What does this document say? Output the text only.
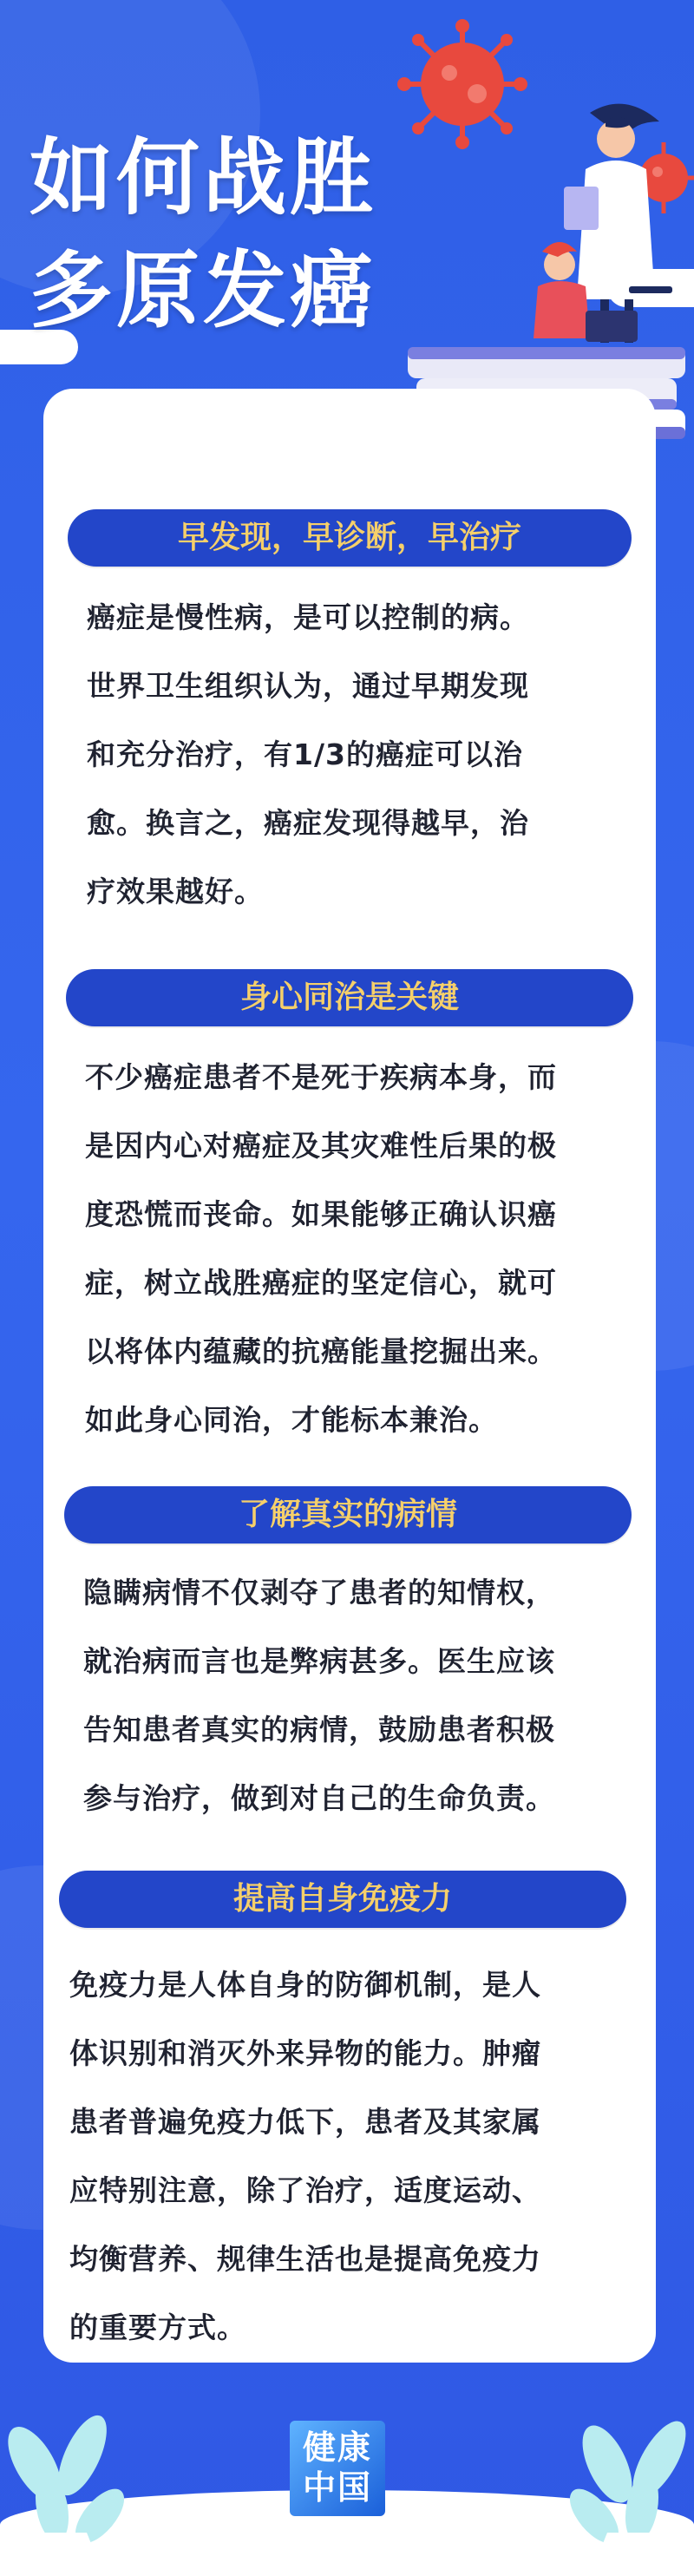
如何战胜
多原发癌
早发现，早诊断，早治疗
癌症是慢性病，是可以控制的病。
世界卫生组织认为，通过早期发现
和充分治疗，有1/3的癌症可以治
愈。换言之，癌症发现得越早，治
疗效果越好。
身心同治是关键
不少癌症患者不是死于疾病本身，而
是因内心对癌症及其灾难性后果的极
度恐慌而丧命。如果能够正确认识癌
症，树立战胜癌症的坚定信心，就可
以将体内蕴藏的抗癌能量挖掘出来。
如此身心同治，才能标本兼治。
了解真实的病情
隐瞒病情不仅剥夺了患者的知情权，
就治病而言也是弊病甚多。医生应该
告知患者真实的病情，鼓励患者积极
参与治疗，做到对自己的生命负责。
提高自身免疫力
免疫力是人体自身的防御机制，是人
体识别和消灭外来异物的能力。肿瘤
患者普遍免疫力低下，患者及其家属
应特别注意，除了治疗，适度运动、
均衡营养、规律生活也是提高免疫力
的重要方式。
健康
中国
